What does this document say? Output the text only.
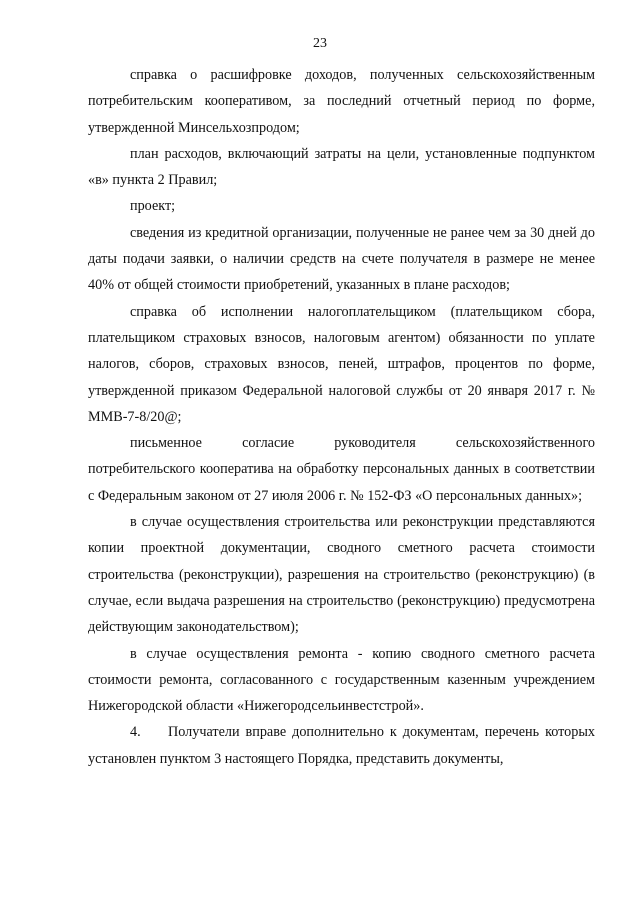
23

справка о расшифровке доходов, полученных сельскохозяйственным потребительским кооперативом, за последний отчетный период по форме, утвержденной Минсельхозпродом;

план расходов, включающий затраты на цели, установленные подпунктом «в» пункта 2 Правил;

проект;

сведения из кредитной организации, полученные не ранее чем за 30 дней до даты подачи заявки, о наличии средств на счете получателя в размере не менее 40% от общей стоимости приобретений, указанных в плане расходов;

справка об исполнении налогоплательщиком (плательщиком сбора, плательщиком страховых взносов, налоговым агентом) обязанности по уплате налогов, сборов, страховых взносов, пеней, штрафов, процентов по форме, утвержденной приказом Федеральной налоговой службы от 20 января 2017 г. № ММВ-7-8/20@;

письменное согласие руководителя сельскохозяйственного потребительского кооператива на обработку персональных данных в соответствии с Федеральным законом от 27 июля 2006 г. № 152-ФЗ «О персональных данных»;

в случае осуществления строительства или реконструкции представляются копии проектной документации, сводного сметного расчета стоимости строительства (реконструкции), разрешения на строительство (реконструкцию) (в случае, если выдача разрешения на строительство (реконструкцию) предусмотрена действующим законодательством);

в случае осуществления ремонта - копию сводного сметного расчета стоимости ремонта, согласованного с государственным казенным учреждением Нижегородской области «Нижегородсельинвестстрой».

4. Получатели вправе дополнительно к документам, перечень которых установлен пунктом 3 настоящего Порядка, представить документы,
